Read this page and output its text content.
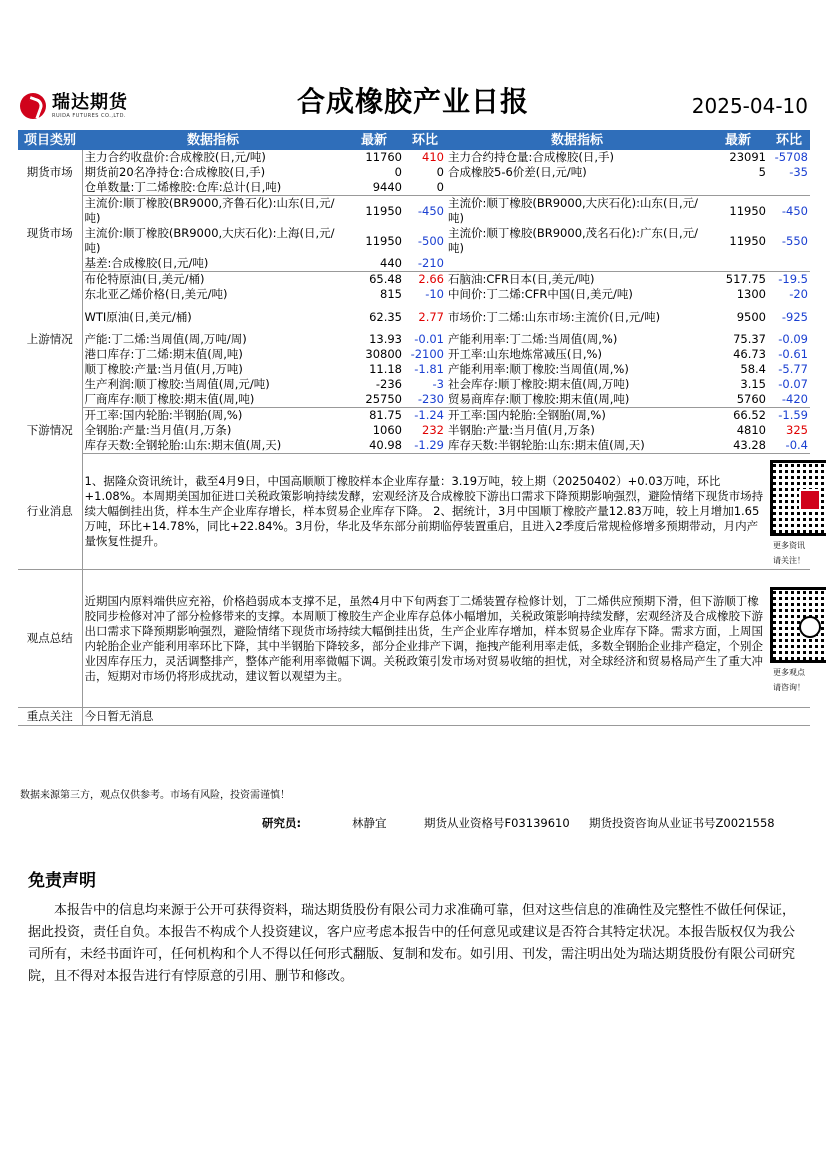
瑞达期货
RUIDA FUTURES CO.,LTD.	合成橡胶产业日报	2025-04-10
项目类别	数据指标	最新	环比	数据指标	最新	环比
期货市场	主力合约收盘价:合成橡胶(日,元/吨)	11760	410	主力合约持仓量:合成橡胶(日,手)	23091	-5708
	期货前20名净持仓:合成橡胶(日,手)	0	0	合成橡胶5-6价差(日,元/吨)	5	-35
	仓单数量:丁二烯橡胶:仓库:总计(日,吨)	9440	0			
现货市场	主流价:顺丁橡胶(BR9000,齐鲁石化):山东(日,元/吨)	11950	-450	主流价:顺丁橡胶(BR9000,大庆石化):山东(日,元/吨)	11950	-450
	主流价:顺丁橡胶(BR9000,大庆石化):上海(日,元/吨)	11950	-500	主流价:顺丁橡胶(BR9000,茂名石化):广东(日,元/吨)	11950	-550
	基差:合成橡胶(日,元/吨)	440	-210			
上游情况	布伦特原油(日,美元/桶)	65.48	2.66	石脑油:CFR日本(日,美元/吨)	517.75	-19.5
	东北亚乙烯价格(日,美元/吨)	815	-10	中间价:丁二烯:CFR中国(日,美元/吨)	1300	-20
	WTI原油(日,美元/桶)	62.35	2.77	市场价:丁二烯:山东市场:主流价(日,元/吨)	9500	-925
	产能:丁二烯:当周值(周,万吨/周)	13.93	-0.01	产能利用率:丁二烯:当周值(周,%)	75.37	-0.09
	港口库存:丁二烯:期末值(周,吨)	30800	-2100	开工率:山东地炼常减压(日,%)	46.73	-0.61
	顺丁橡胶:产量:当月值(月,万吨)	11.18	-1.81	产能利用率:顺丁橡胶:当周值(周,%)	58.4	-5.77
	生产利润:顺丁橡胶:当周值(周,元/吨)	-236	-3	社会库存:顺丁橡胶:期末值(周,万吨)	3.15	-0.07
	厂商库存:顺丁橡胶:期末值(周,吨)	25750	-230	贸易商库存:顺丁橡胶:期末值(周,吨)	5760	-420
下游情况	开工率:国内轮胎:半钢胎(周,%)	81.75	-1.24	开工率:国内轮胎:全钢胎(周,%)	66.52	-1.59
	全钢胎:产量:当月值(月,万条)	1060	232	半钢胎:产量:当月值(月,万条)	4810	325
	库存天数:全钢轮胎:山东:期末值(周,天)	40.98	-1.29	库存天数:半钢轮胎:山东:期末值(周,天)	43.28	-0.4
行业消息	1、据隆众资讯统计，截至4月9日，中国高顺顺丁橡胶样本企业库存量：3.19万吨，较上期（20250402）+0.03万吨，环比+1.08%。本周期美国加征进口关税政策影响持续发酵，宏观经济及合成橡胶下游出口需求下降预期影响强烈，避险情绪下现货市场持续大幅倒挂出货，样本生产企业库存增长，样本贸易企业库存下降。 2、据统计，3月中国顺丁橡胶产量12.83万吨，较上月增加1.65万吨，环比+14.78%，同比+22.84%。3月份，华北及华东部分前期临停装置重启，且进入2季度后常规检修增多预期带动，月内产量恢复性提升。					更多资讯请关注！

观点总结	近期国内原料端供应充裕，价格趋弱成本支撑不足，虽然4月中下旬两套丁二烯装置存检修计划，丁二烯供应预期下滑，但下游顺丁橡胶同步检修对冲了部分检修带来的支撑。本周顺丁橡胶生产企业库存总体小幅增加，关税政策影响持续发酵，宏观经济及合成橡胶下游出口需求下降预期影响强烈，避险情绪下现货市场持续大幅倒挂出货，生产企业库存增加，样本贸易企业库存下降。需求方面，上周国内轮胎企业产能利用率环比下降，其中半钢胎下降较多，部分企业排产下调，拖拽产能利用率走低，多数全钢胎企业排产稳定，个别企业因库存压力，灵活调整排产，整体产能利用率微幅下调。关税政策引发市场对贸易收缩的担忧，对全球经济和贸易格局产生了重大冲击，短期对市场仍将形成扰动，建议暂以观望为主。					更多观点请咨询！

重点关注	今日暂无消息					
数据来源第三方，观点仅供参考。市场有风险，投资需谨慎！
研究员:	林静宜	期货从业资格号F03139610 期货投资咨询从业证书号Z0021558
免责声明
本报告中的信息均来源于公开可获得资料，瑞达期货股份有限公司力求准确可靠，但对这些信息的准确性及完整性不做任何保证，据此投资，责任自负。本报告不构成个人投资建议，客户应考虑本报告中的任何意见或建议是否符合其特定状况。本报告版权仅为我公司所有，未经书面许可，任何机构和个人不得以任何形式翻版、复制和发布。如引用、刊发，需注明出处为瑞达期货股份有限公司研究院，且不得对本报告进行有悖原意的引用、删节和修改。
